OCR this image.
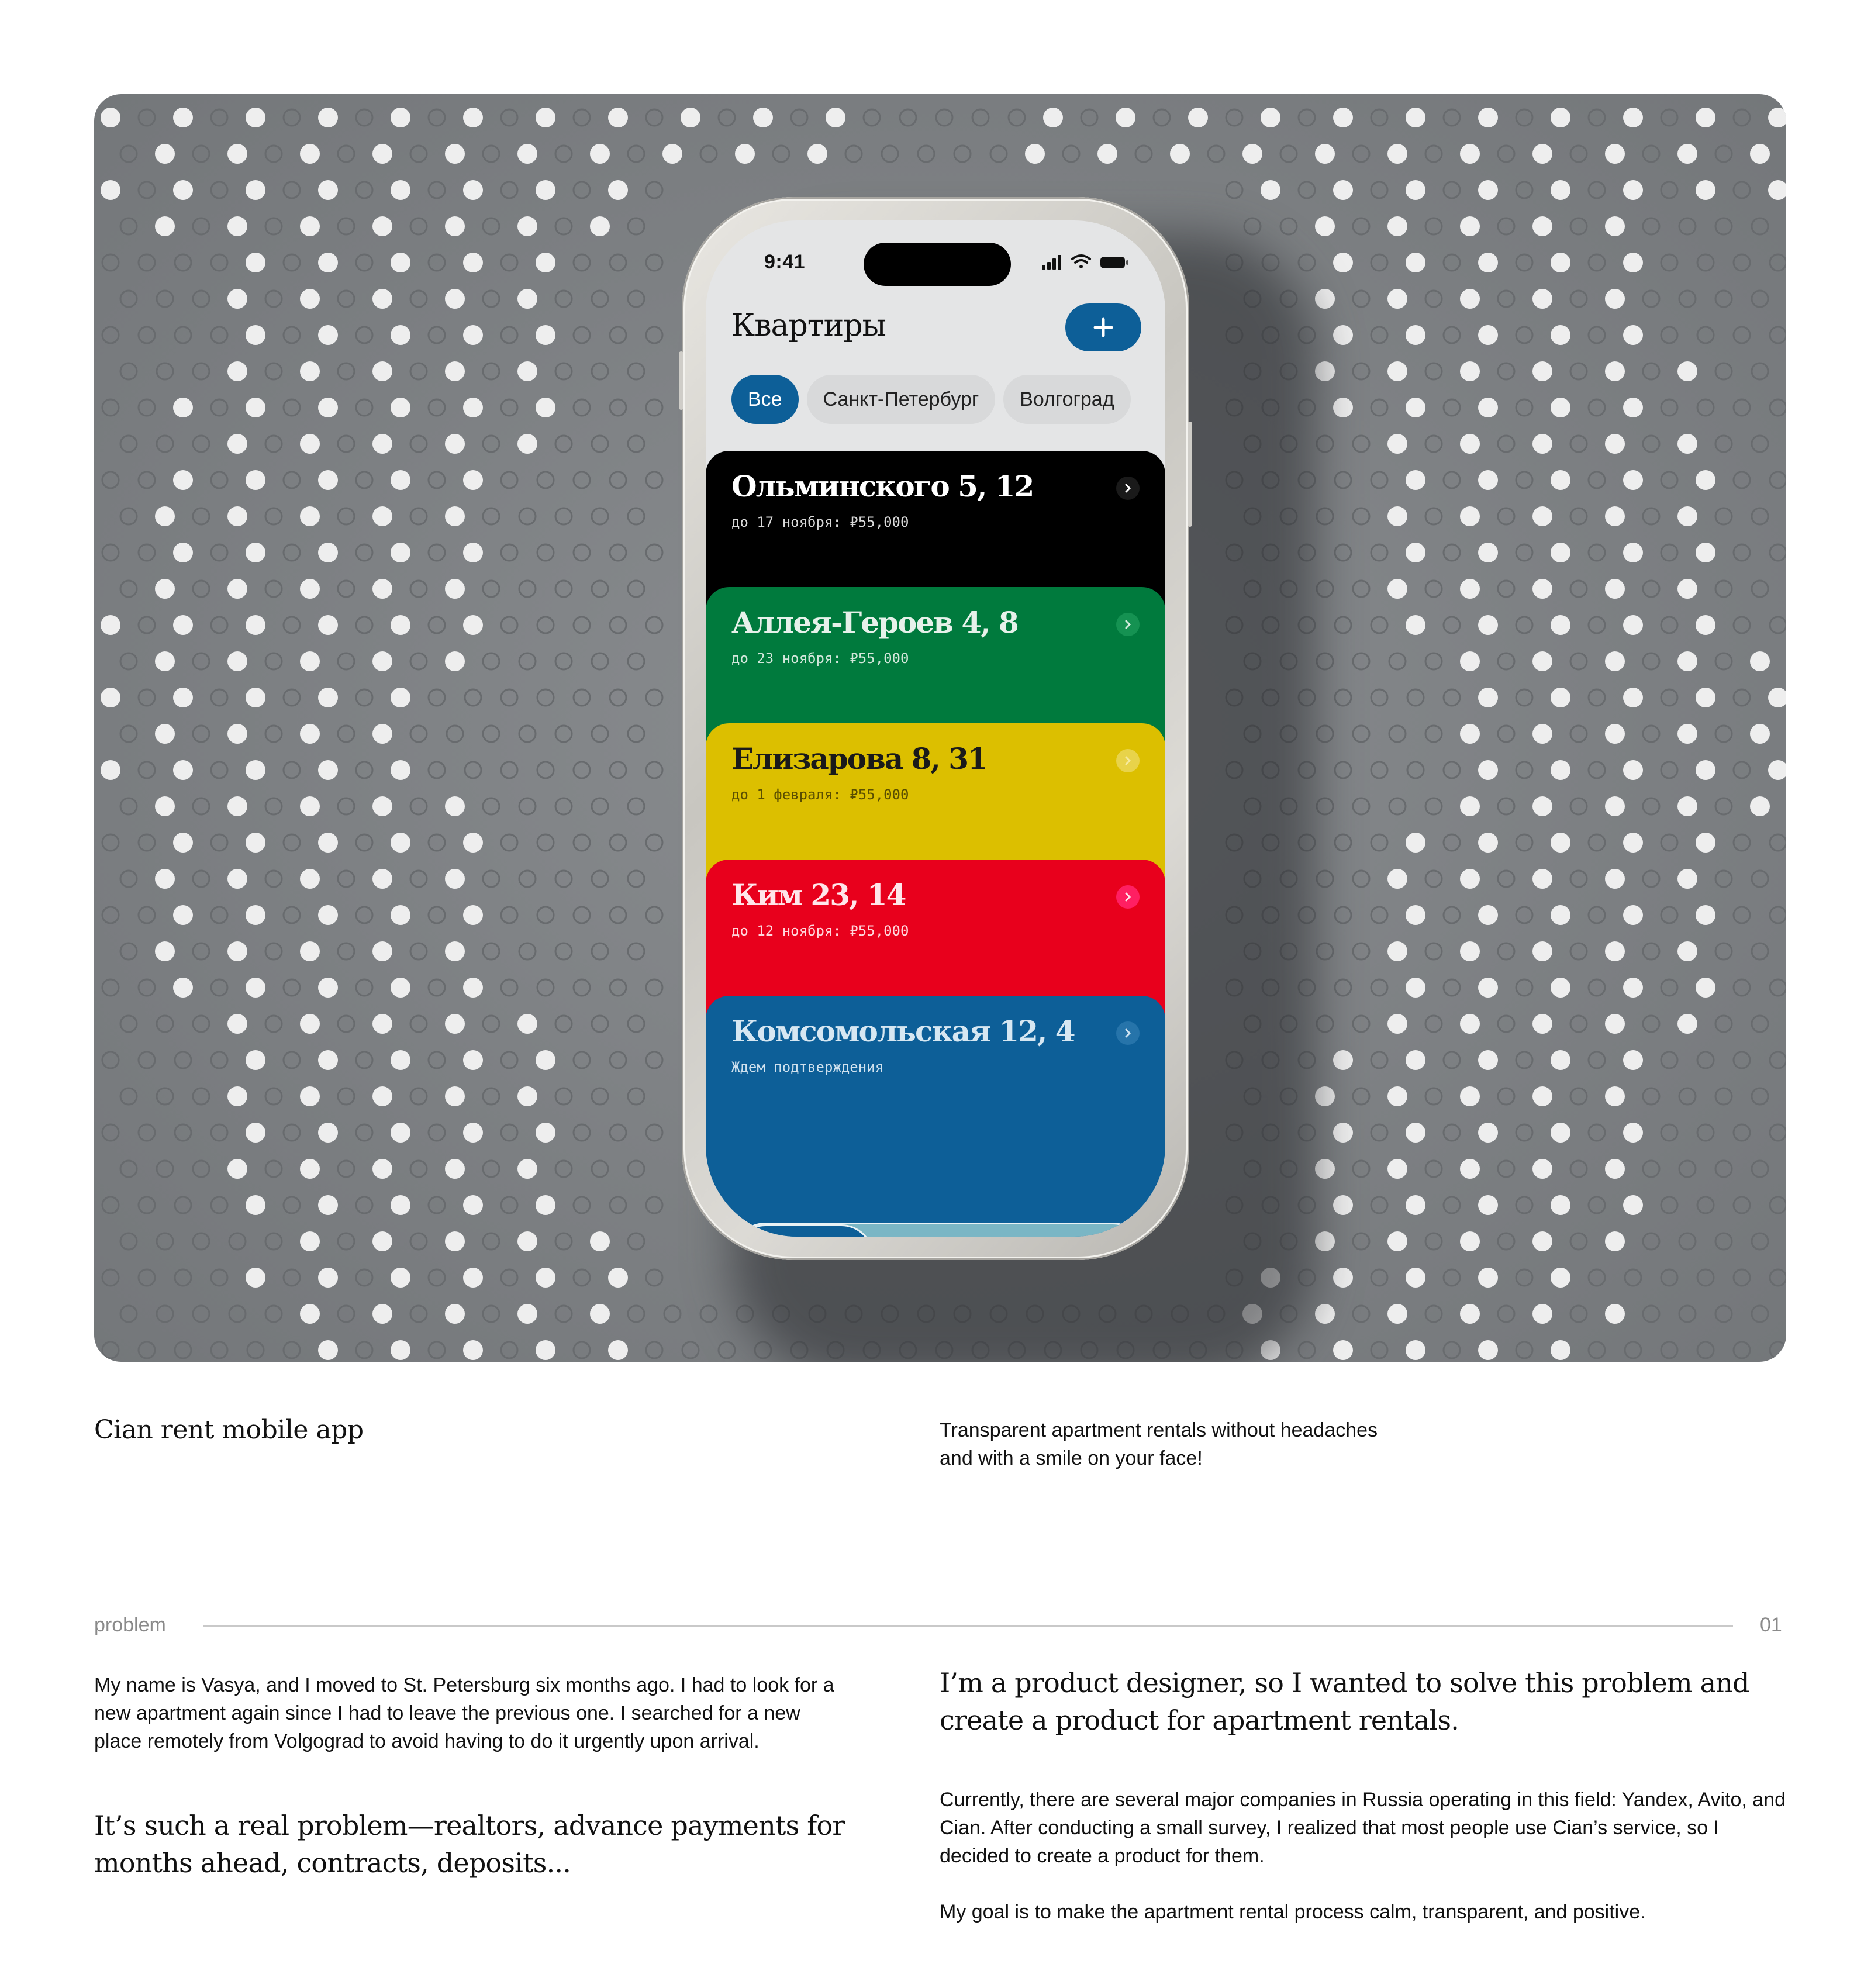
9:41
Квартиры
Все	Санкт-Петербург	Волгоград
Ольминского 5, 12
до 17 ноября: ₽55,000
Аллея-Героев 4, 8
до 23 ноября: ₽55,000
Елизарова 8, 31
до 1 февраля: ₽55,000
Ким 23, 14
до 12 ноября: ₽55,000
Комсомольская 12, 4
Ждем подтверждения
Cian rent mobile app	Transparent apartment rentals without headaches and with a smile on your face!
problem	01

My name is Vasya, and I moved to St. Petersburg six months ago. I had to look for a new apartment again since I had to leave the previous one. I searched for a new place remotely from Volgograd to avoid having to do it urgently upon arrival.

It’s such a real problem—realtors, advance payments for months ahead, contracts, deposits...

I’m a product designer, so I wanted to solve this problem and create a product for apartment rentals.

Currently, there are several major companies in Russia operating in this field: Yandex, Avito, and Cian. After conducting a small survey, I realized that most people use Cian’s service, so I decided to create a product for them.

My goal is to make the apartment rental process calm, transparent, and positive.
